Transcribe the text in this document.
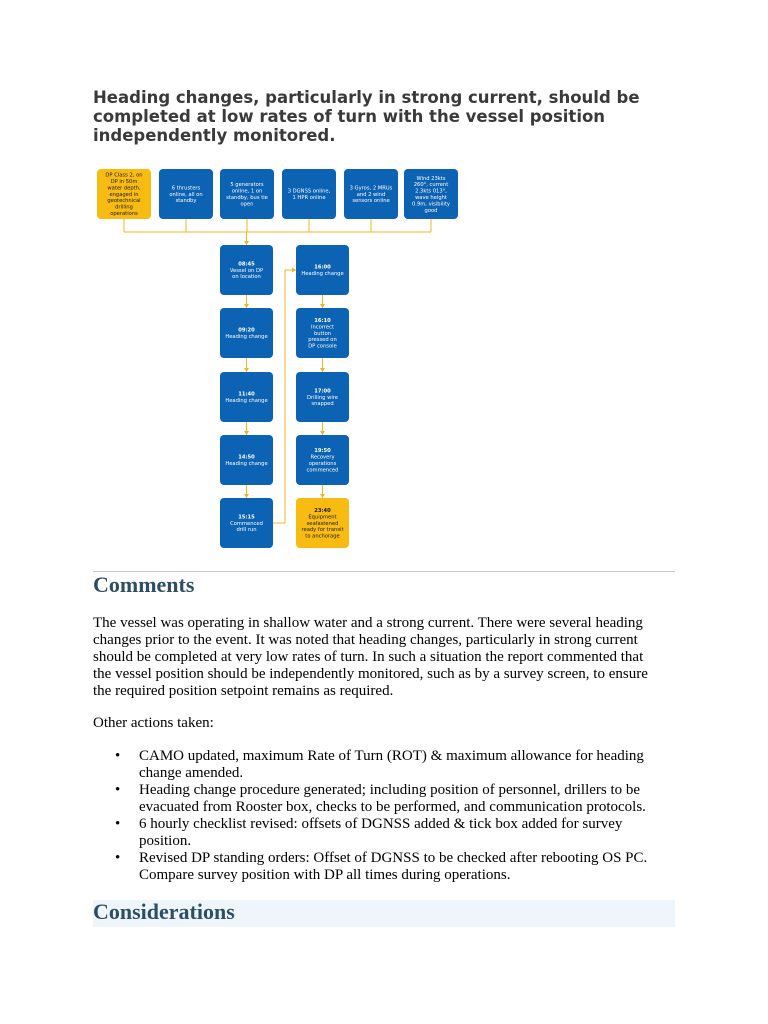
Heading changes, particularly in strong current, should be completed at low rates of turn with the vessel position independently monitored.
DP Class 2, on
DP in 50m
water depth,
engaged in
geotechnical
drilling
operations
6 thrusters
online, all on
standby
5 generators
online, 1 on
standby, bus tie
open
3 DGNSS online,
1 HPR online
3 Gyros, 2 MRUs
and 2 wind
sensors online
Wind 23kts
260°, current
2.3kts 013°,
wave height
0.9m, visibility
good
08:45
Vessel on DP
on location
09:20
Heading change
11:40
Heading change
14:50
Heading change
15:15
Commenced
drill run
16:00
Heading change
16:10
Incorrect
button
pressed on
DP console
17:00
Drilling wire
snapped
19:50
Recovery
operations
commenced
23:40
Equipment
seafastened
ready for transit
to anchorage
Comments

The vessel was operating in shallow water and a strong current. There were several heading
changes prior to the event. It was noted that heading changes, particularly in strong current
should be completed at very low rates of turn. In such a situation the report commented that
the vessel position should be independently monitored, such as by a survey screen, to ensure
the required position setpoint remains as required.

Other actions taken:

• CAMO updated, maximum Rate of Turn (ROT) & maximum allowance for heading
change amended.
• Heading change procedure generated; including position of personnel, drillers to be
evacuated from Rooster box, checks to be performed, and communication protocols.
• 6 hourly checklist revised: offsets of DGNSS added & tick box added for survey
position.
• Revised DP standing orders: Offset of DGNSS to be checked after rebooting OS PC.
Compare survey position with DP all times during operations.
Considerations
